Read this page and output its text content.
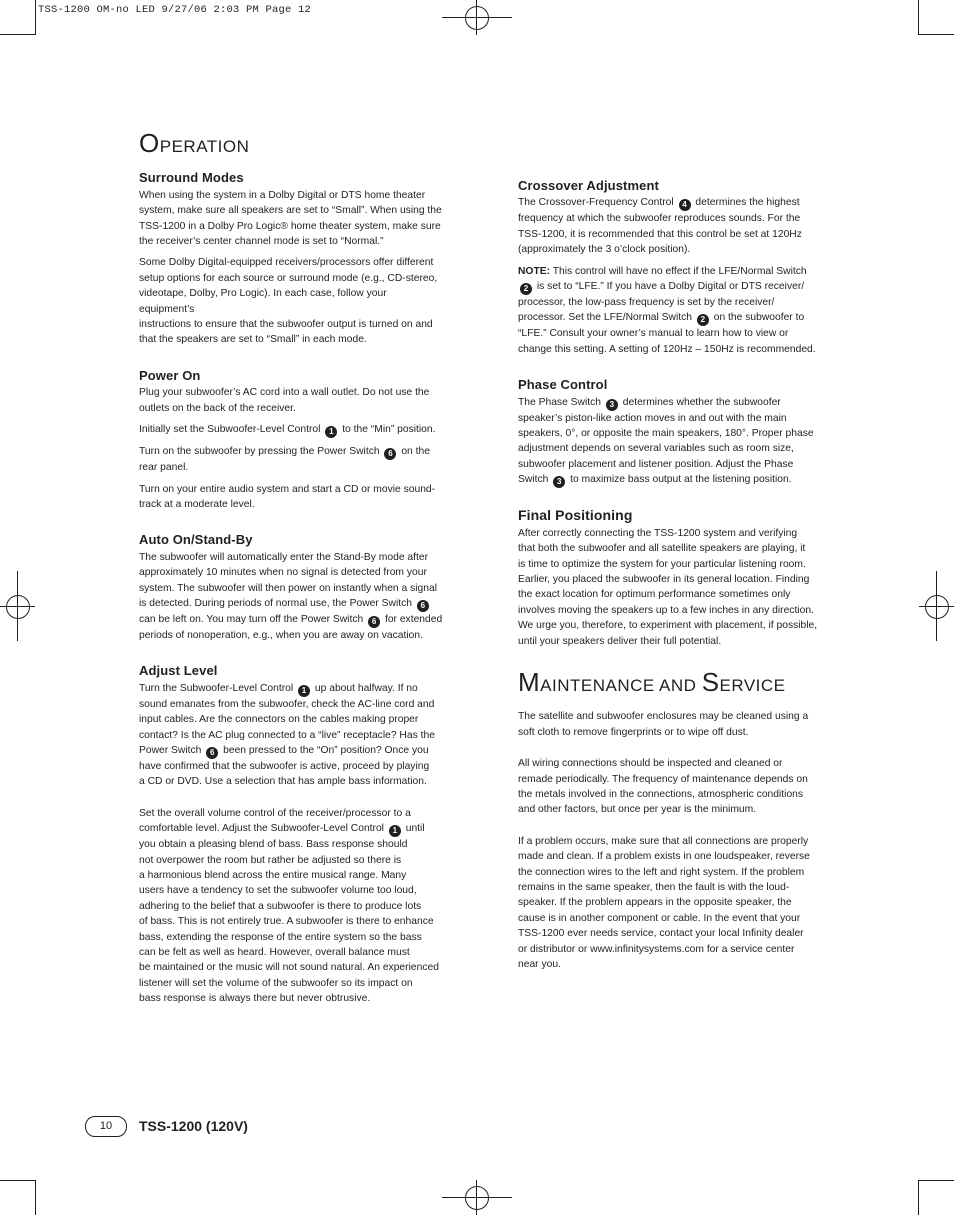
TSS-1200 OM-no LED 9/27/06 2:03 PM Page 12
OPERATION
Surround Modes

When using the system in a Dolby Digital or DTS home theater
system, make sure all speakers are set to “Small”. When using the
TSS-1200 in a Dolby Pro Logic® home theater system, make sure
the receiver’s center channel mode is set to “Normal.”

Some Dolby Digital-equipped receivers/processors offer different
setup options for each source or surround mode (e.g., CD-stereo,
videotape, Dolby, Pro Logic). In each case, follow your equipment’s
instructions to ensure that the subwoofer output is turned on and
that the speakers are set to “Small” in each mode.

Power On

Plug your subwoofer’s AC cord into a wall outlet. Do not use the
outlets on the back of the receiver.

Initially set the Subwoofer-Level Control 1 to the “Min” position.

Turn on the subwoofer by pressing the Power Switch 6 on the
rear panel.

Turn on your entire audio system and start a CD or movie sound-
track at a moderate level.

Auto On/Stand-By

The subwoofer will automatically enter the Stand-By mode after
approximately 10 minutes when no signal is detected from your
system. The subwoofer will then power on instantly when a signal
is detected. During periods of normal use, the Power Switch 6
can be left on. You may turn off the Power Switch 6 for extended
periods of nonoperation, e.g., when you are away on vacation.

Adjust Level

Turn the Subwoofer-Level Control 1 up about halfway. If no
sound emanates from the subwoofer, check the AC-line cord and
input cables. Are the connectors on the cables making proper
contact? Is the AC plug connected to a “live” receptacle? Has the
Power Switch 6 been pressed to the “On” position? Once you
have confirmed that the subwoofer is active, proceed by playing
a CD or DVD. Use a selection that has ample bass information.

Set the overall volume control of the receiver/processor to a
comfortable level. Adjust the Subwoofer-Level Control 1 until
you obtain a pleasing blend of bass. Bass response should
not overpower the room but rather be adjusted so there is
a harmonious blend across the entire musical range. Many
users have a tendency to set the subwoofer volume too loud,
adhering to the belief that a subwoofer is there to produce lots
of bass. This is not entirely true. A subwoofer is there to enhance
bass, extending the response of the entire system so the bass
can be felt as well as heard. However, overall balance must
be maintained or the music will not sound natural. An experienced
listener will set the volume of the subwoofer so its impact on
bass response is always there but never obtrusive.

Crossover Adjustment

The Crossover-Frequency Control 4 determines the highest
frequency at which the subwoofer reproduces sounds. For the
TSS-1200, it is recommended that this control be set at 120Hz
(approximately the 3 o’clock position).

NOTE: This control will have no effect if the LFE/Normal Switch
2 is set to “LFE.” If you have a Dolby Digital or DTS receiver/
processor, the low-pass frequency is set by the receiver/
processor. Set the LFE/Normal Switch 2 on the subwoofer to
“LFE.” Consult your owner’s manual to learn how to view or
change this setting. A setting of 120Hz – 150Hz is recommended.

Phase Control

The Phase Switch 3 determines whether the subwoofer
speaker’s piston-like action moves in and out with the main
speakers, 0°, or opposite the main speakers, 180°. Proper phase
adjustment depends on several variables such as room size,
subwoofer placement and listener position. Adjust the Phase
Switch 3 to maximize bass output at the listening position.

Final Positioning

After correctly connecting the TSS-1200 system and verifying
that both the subwoofer and all satellite speakers are playing, it
is time to optimize the system for your particular listening room.
Earlier, you placed the subwoofer in its general location. Finding
the exact location for optimum performance sometimes only
involves moving the speakers up to a few inches in any direction.
We urge you, therefore, to experiment with placement, if possible,
until your speakers deliver their full potential.

MAINTENANCE AND SERVICE

The satellite and subwoofer enclosures may be cleaned using a
soft cloth to remove fingerprints or to wipe off dust.

All wiring connections should be inspected and cleaned or
remade periodically. The frequency of maintenance depends on
the metals involved in the connections, atmospheric conditions
and other factors, but once per year is the minimum.

If a problem occurs, make sure that all connections are properly
made and clean. If a problem exists in one loudspeaker, reverse
the connection wires to the left and right system. If the problem
remains in the same speaker, then the fault is with the loud-
speaker. If the problem appears in the opposite speaker, the
cause is in another component or cable. In the event that your
TSS-1200 ever needs service, contact your local Infinity dealer
or distributor or www.infinitysystems.com for a service center
near you.

10	TSS-1200 (120V)
